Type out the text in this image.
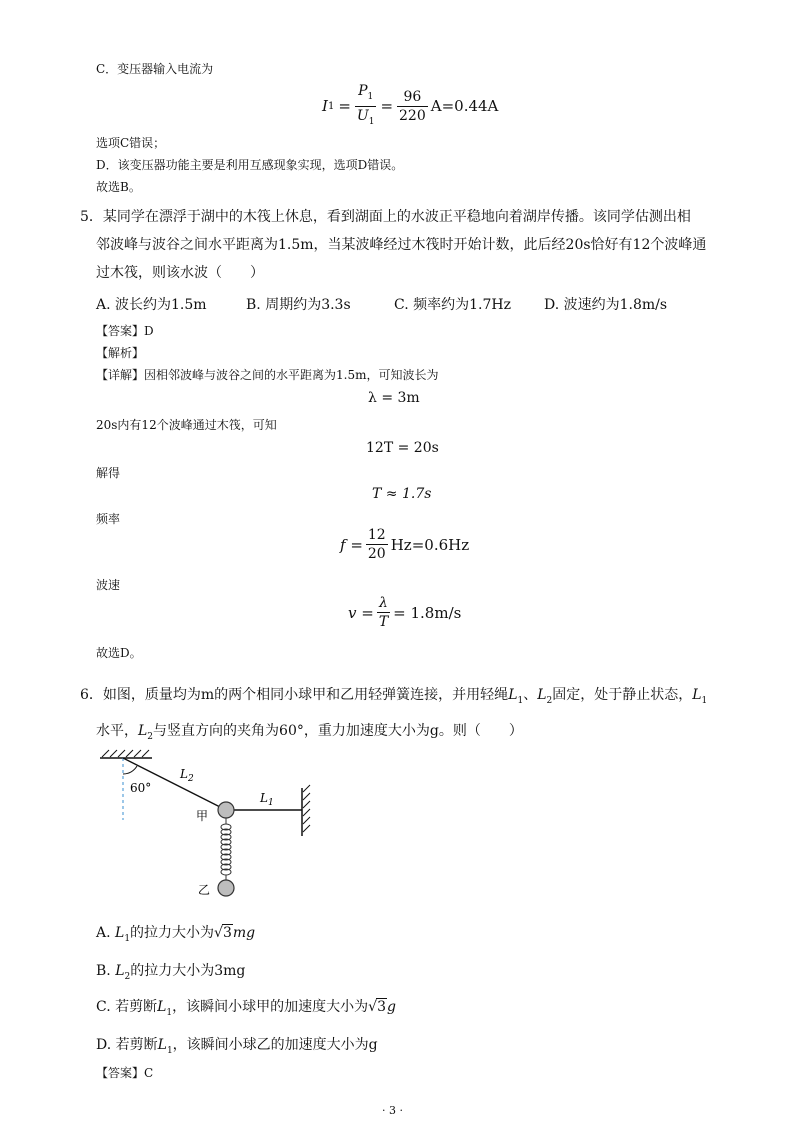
C．变压器输入电流为
I $1 = \frac{P_1}{U_1} = \frac{96}{220} A=0.44A$
选项C错误；
D．该变压器功能主要是利用互感现象实现，选项D错误。
故选B。
5．某同学在漂浮于湖中的木筏上休息，看到湖面上的水波正平稳地向着湖岸传播。该同学估测出相
邻波峰与波谷之间水平距离为1.5m，当某波峰经过木筏时开始计数，此后经20s恰好有12个波峰通
过木筏，则该水波（　　）
A. 波长约为1.5m	B. 周期约为3.3s	C. 频率约为1.7Hz D. 波速约为1.8m/s
【答案】D
【解析】
【详解】因相邻波峰与波谷之间的水平距离为1.5m，可知波长为
λ = 3m
20s内有12个波峰通过木筏，可知
12T = 20s
解得
T ≈ 1.7s
频率
$f = \frac{12}{20} Hz=0.6Hz$
波速
$v = \frac{\lambda}{T} = 1.8m/s$
故选D。
6．如图，质量均为m的两个相同小球甲和乙用轻弹簧连接，并用轻绳$L_1$、$L_2$固定，处于静止状态，$L_1$
水平，$L_2$与竖直方向的夹角为60°，重力加速度大小为g。则（　　）
60°
$L_2$
$L_1$
甲
乙
A. $L_1$的拉力大小为√3mg
B. $L_2$的拉力大小为3mg
C. 若剪断$L_1$，该瞬间小球甲的加速度大小为√3g
D. 若剪断$L_1$，该瞬间小球乙的加速度大小为g
【答案】C
· 3 ·
